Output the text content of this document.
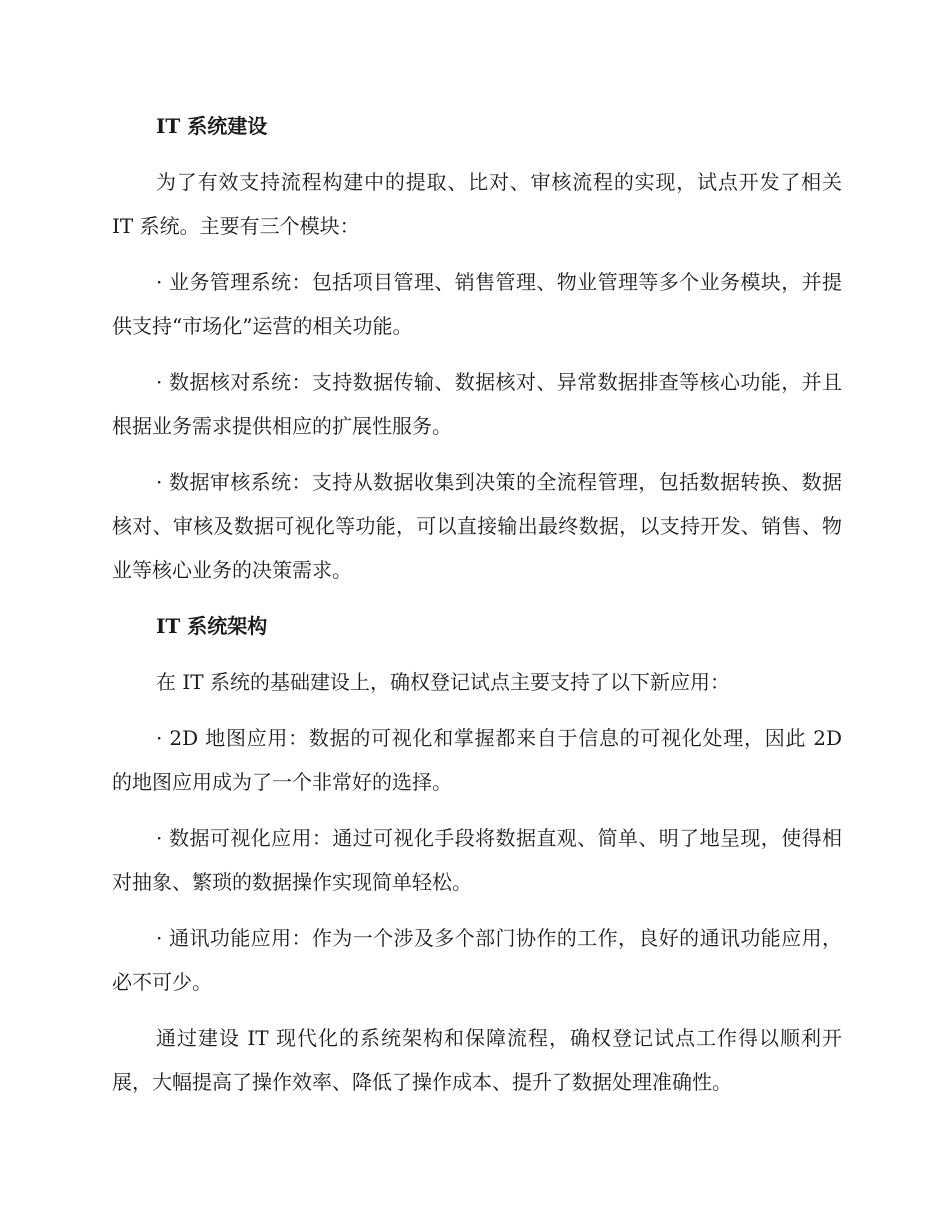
IT 系统建设

为了有效支持流程构建中的提取、比对、审核流程的实现，试点开发了相关 IT 系统。主要有三个模块：

· 业务管理系统：包括项目管理、销售管理、物业管理等多个业务模块，并提供支持“市场化”运营的相关功能。

· 数据核对系统：支持数据传输、数据核对、异常数据排查等核心功能，并且根据业务需求提供相应的扩展性服务。

· 数据审核系统：支持从数据收集到决策的全流程管理，包括数据转换、数据核对、审核及数据可视化等功能，可以直接输出最终数据，以支持开发、销售、物业等核心业务的决策需求。

IT 系统架构

在 IT 系统的基础建设上，确权登记试点主要支持了以下新应用：

· 2D 地图应用：数据的可视化和掌握都来自于信息的可视化处理，因此 2D 的地图应用成为了一个非常好的选择。

· 数据可视化应用：通过可视化手段将数据直观、简单、明了地呈现，使得相对抽象、繁琐的数据操作实现简单轻松。

· 通讯功能应用：作为一个涉及多个部门协作的工作，良好的通讯功能应用，必不可少。

通过建设 IT 现代化的系统架构和保障流程，确权登记试点工作得以顺利开展，大幅提高了操作效率、降低了操作成本、提升了数据处理准确性。
